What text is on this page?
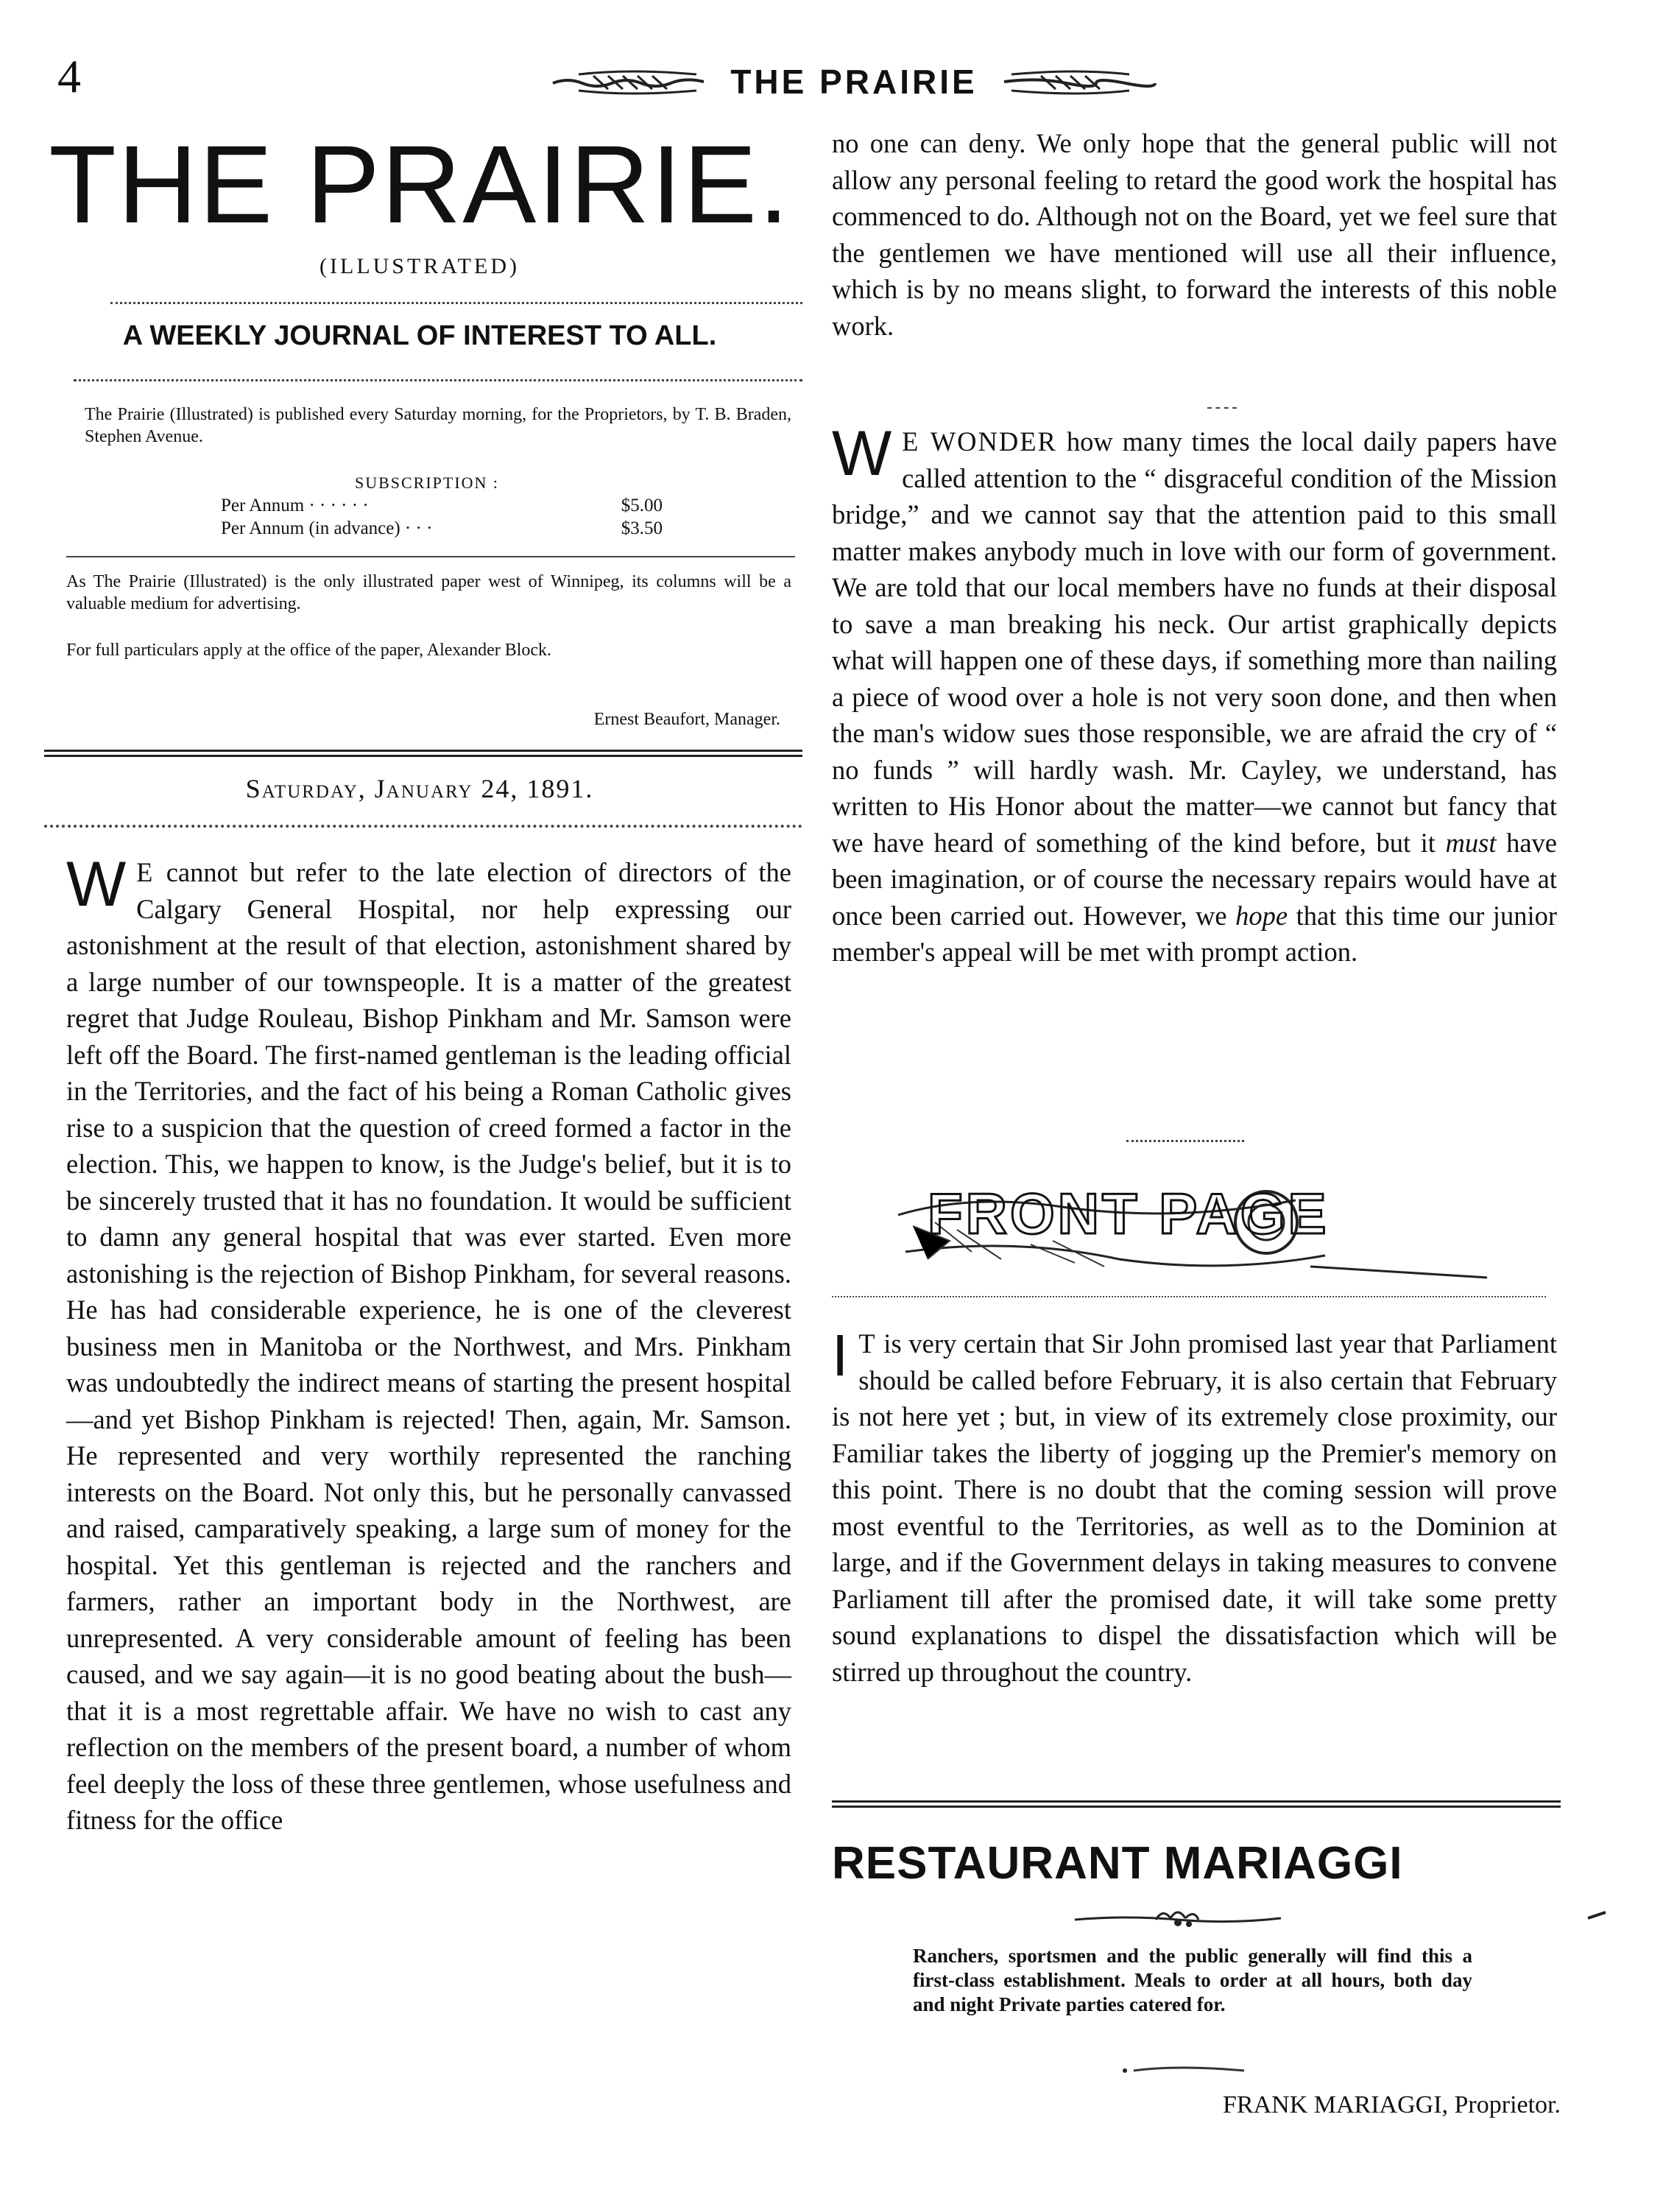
4	THE PRAIRIE
THE PRAIRIE.
(ILLUSTRATED)
A WEEKLY JOURNAL OF INTEREST TO ALL.
The Prairie (Illustrated) is published every Saturday morning, for the Proprietors, by T. B. Braden, Stephen Avenue.
SUBSCRIPTION :
Per Annum · · · · · ·	$5.00
Per Annum (in advance) · · ·	$3.50
As The Prairie (Illustrated) is the only illustrated paper west of Winnipeg, its columns will be a valuable medium for advertising.
For full particulars apply at the office of the paper, Alexander Block.
Ernest Beaufort, Manager.
Saturday, January 24, 1891.
W E cannot but refer to the late election of directors of the Calgary General Hospital, nor help expressing our astonishment at the result of that election, astonishment shared by a large number of our townspeople. It is a matter of the greatest regret that Judge Rouleau, Bishop Pinkham and Mr. Samson were left off the Board. The first-named gentleman is the leading official in the Territories, and the fact of his being a Roman Catholic gives rise to a suspicion that the question of creed formed a factor in the election. This, we happen to know, is the Judge's belief, but it is to be sincerely trusted that it has no foundation. It would be sufficient to damn any general hospital that was ever started. Even more astonishing is the rejection of Bishop Pinkham, for several reasons. He has had considerable experience, he is one of the cleverest business men in Manitoba or the Northwest, and Mrs. Pinkham was undoubtedly the indirect means of starting the present hospital—and yet Bishop Pinkham is rejected! Then, again, Mr. Samson. He represented and very worthily represented the ranching interests on the Board. Not only this, but he personally canvassed and raised, camparatively speaking, a large sum of money for the hospital. Yet this gentleman is rejected and the ranchers and farmers, rather an important body in the Northwest, are unrepresented. A very considerable amount of feeling has been caused, and we say again—it is no good beating about the bush—that it is a most regrettable affair. We have no wish to cast any reflection on the members of the present board, a number of whom feel deeply the loss of these three gentlemen, whose usefulness and fitness for the office
no one can deny. We only hope that the general public will not allow any personal feeling to retard the good work the hospital has commenced to do. Although not on the Board, yet we feel sure that the gentlemen we have mentioned will use all their influence, which is by no means slight, to forward the interests of this noble work.
W E WONDER how many times the local daily papers have called attention to the “ disgraceful condition of the Mission bridge,” and we cannot say that the attention paid to this small matter makes anybody much in love with our form of government. We are told that our local members have no funds at their disposal to save a man breaking his neck. Our artist graphically depicts what will happen one of these days, if something more than nailing a piece of wood over a hole is not very soon done, and then when the man's widow sues those responsible, we are afraid the cry of “ no funds ” will hardly wash. Mr. Cayley, we understand, has written to His Honor about the matter—we cannot but fancy that we have heard of something of the kind before, but it must have been imagination, or of course the necessary repairs would have at once been carried out. However, we hope that this time our junior member's appeal will be met with prompt action.
FRONT PAGE
I T is very certain that Sir John promised last year that Parliament should be called before February, it is also certain that February is not here yet ; but, in view of its extremely close proximity, our Familiar takes the liberty of jogging up the Premier's memory on this point. There is no doubt that the coming session will prove most eventful to the Territories, as well as to the Dominion at large, and if the Government delays in taking measures to convene Parliament till after the promised date, it will take some pretty sound explanations to dispel the dissatisfaction which will be stirred up throughout the country.
RESTAURANT MARIAGGI
Ranchers, sportsmen and the public generally will find this a first-class establishment. Meals to order at all hours, both day and night Private parties catered for.
FRANK MARIAGGI, Proprietor.
